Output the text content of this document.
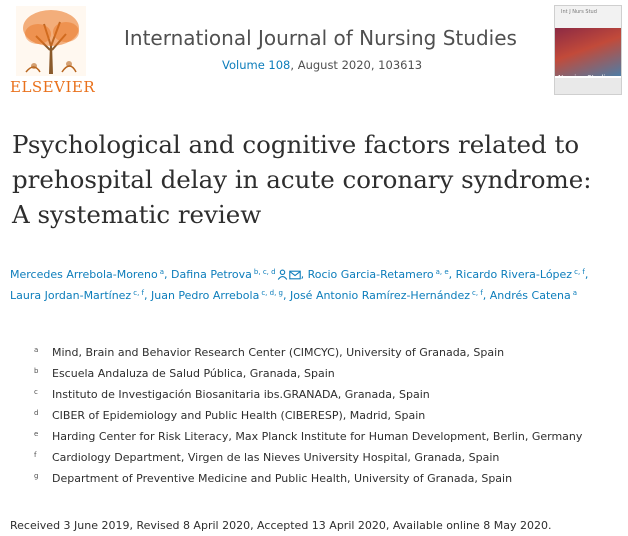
ELSEVIER
International Journal of Nursing Studies
Volume 108, August 2020, 103613
Int J Nurs Stud
Psychological and cognitive factors related to prehospital delay in acute coronary syndrome: A systematic review
Mercedes Arrebola-Moreno $^a$, Dafina Petrova $^{b, c, d}$ , Rocio Garcia-Retamero $^{a, e}$, Ricardo Rivera-López $^{c, f}$, Laura Jordan-Martínez $^{c, f}$, Juan Pedro Arrebola $^{c, d, g}$, José Antonio Ramírez-Hernández $^{c, f}$, Andrés Catena $^a$
a Mind, Brain and Behavior Research Center (CIMCYC), University of Granada, Spain
b Escuela Andaluza de Salud Pública, Granada, Spain
c Instituto de Investigación Biosanitaria ibs.GRANADA, Granada, Spain
d CIBER of Epidemiology and Public Health (CIBERESP), Madrid, Spain
e Harding Center for Risk Literacy, Max Planck Institute for Human Development, Berlin, Germany
f Cardiology Department, Virgen de las Nieves University Hospital, Granada, Spain
g Department of Preventive Medicine and Public Health, University of Granada, Spain
Received 3 June 2019, Revised 8 April 2020, Accepted 13 April 2020, Available online 8 May 2020.
